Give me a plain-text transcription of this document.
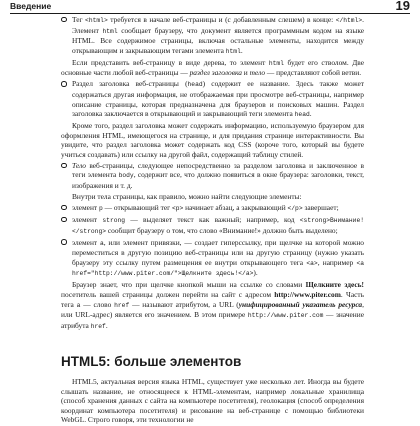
Введение	19

Тег <html> требуется в начале веб-страницы и (с добавленным слешем) в конце: </html>. Элемент html сообщает браузеру, что документ является программным кодом на языке HTML. Все содержимое страницы, включая остальные элементы, находится между открывающим и закрывающим тегами элемента html.

Если представить веб-страницу в виде дерева, то элемент html будет его стволом. Две основные части любой веб-страницы — раздел заголовка и тело — представляют собой ветви.

Раздел заголовка веб-страницы (head) содержит ее название. Здесь также может содержаться другая информация, не отображаемая при просмотре веб-страницы, например описание страницы, которая предназначена для браузеров и поисковых машин. Раздел заголовка заключается в открывающий и закрывающий теги элемента head.

Кроме того, раздел заголовка может содержать информацию, используемую браузером для оформления HTML, имеющегося на странице, и для придания странице интерактивности. Вы увидите, что раздел заголовка может содержать код CSS (короче того, который вы будете учиться создавать) или ссылку на другой файл, содержащий таблицу стилей.

Тело веб-страницы, следующее непосредственно за разделом заголовка и заключенное в теги элемента body, содержит все, что должно появиться в окне браузера: заголовки, текст, изображения и т. д.

Внутри тела страницы, как правило, можно найти следующие элементы:

элемент p — открывающий тег <p> начинает абзац, а закрывающий </p> завершает;

элемент strong — выделяет текст как важный; например, код <strong>Внимание!</strong> сообщит браузеру о том, что слово «Внимание!» должно быть выделено;

элемент a, или элемент привязки, — создает гиперссылку, при щелчке на которой можно переместиться в другую позицию веб-страницы или на другую страницу (нужно указать браузеру эту ссылку путем размещения ее внутри открывающего тега <a>, например <a href="http://www.piter.com/">Щелкните здесь!</a>).

Браузер знает, что при щелчке кнопкой мыши на ссылке со словами Щелкните здесь! посетитель вашей страницы должен перейти на сайт с адресом http://www.piter.com. Часть тега a — слово href — называют атрибутом, а URL (унифицированный указатель ресурса, или URL-адрес) является его значением. В этом примере http://www.piter.com — значение атрибута href.

HTML5: больше элементов

HTML5, актуальная версия языка HTML, существует уже несколько лет. Иногда вы будете слышать название, не относящееся к HTML-элементам, например локальные хранилища (способ хранения данных с сайта на компьютере посетителя), геолокация (способ определения координат компьютера посетителя) и рисование на веб-странице с помощью библиотеки WebGL. Строго говоря, эти технологии не
